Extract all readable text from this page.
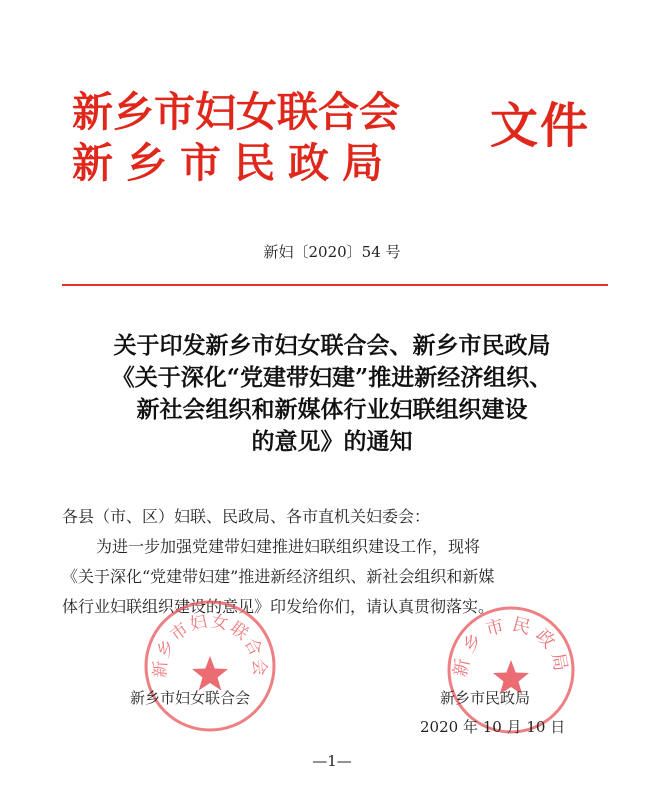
新乡市妇女联合会
新乡市民政局
文件
新妇〔2020〕54 号
关于印发新乡市妇女联合会、新乡市民政局
《关于深化“党建带妇建”推进新经济组织、
新社会组织和新媒体行业妇联组织建设
的意见》的通知
各县（市、区）妇联、民政局、各市直机关妇委会：
为进一步加强党建带妇建推进妇联组织建设工作，现将
《关于深化“党建带妇建”推进新经济组织、新社会组织和新媒
体行业妇联组织建设的意见》印发给你们，请认真贯彻落实。
新乡市妇女联合会	新乡市民政局
新乡市妇女联合会	新乡市民政局
2020 年 10 月 10 日
—1—
